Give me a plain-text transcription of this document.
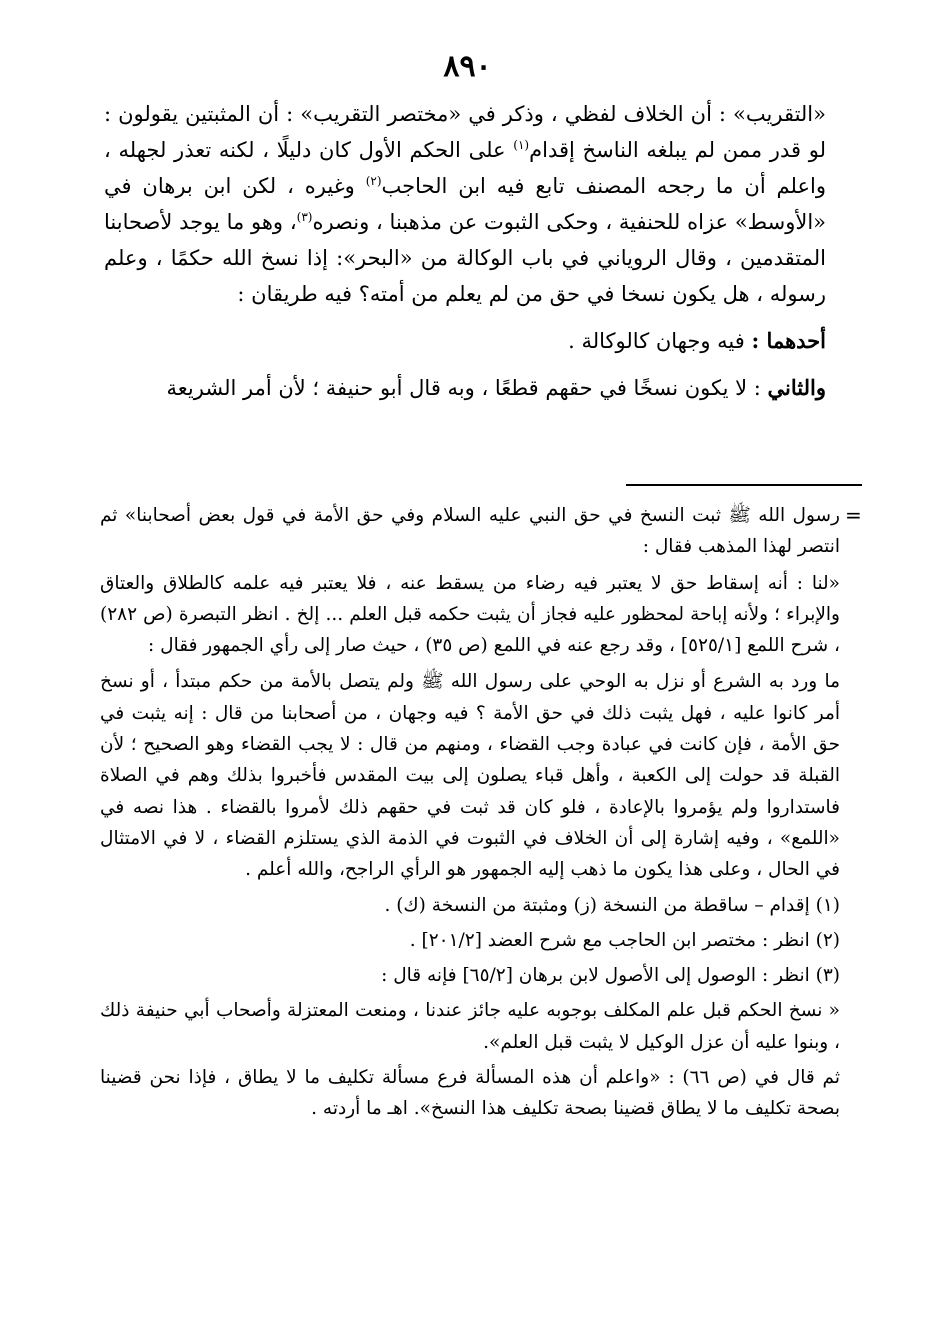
٨٩٠

«التقريب» : أن الخلاف لفظي ، وذكر في «مختصر التقريب» : أن المثبتين يقولون : لو قدر ممن لم يبلغه الناسخ إقدام$^{(١)}$ على الحكم الأول كان دليلًا ، لكنه تعذر لجهله ، واعلم أن ما رجحه المصنف تابع فيه ابن الحاجب$^{(٢)}$ وغيره ، لكن ابن برهان في «الأوسط» عزاه للحنفية ، وحكى الثبوت عن مذهبنا ، ونصره$^{(٣)}$، وهو ما يوجد لأصحابنا المتقدمين ، وقال الروياني في باب الوكالة من «البحر»: إذا نسخ الله حكمًا ، وعلم رسوله ، هل يكون نسخا في حق من لم يعلم من أمته؟ فيه طريقان :

أحدهما : فيه وجهان كالوكالة .

والثاني : لا يكون نسخًا في حقهم قطعًا ، وبه قال أبو حنيفة ؛ لأن أمر الشريعة

=

رسول الله ﷺ ثبت النسخ في حق النبي عليه السلام وفي حق الأمة في قول بعض أصحابنا» ثم انتصر لهذا المذهب فقال :

«لنا : أنه إسقاط حق لا يعتبر فيه رضاء من يسقط عنه ، فلا يعتبر فيه علمه كالطلاق والعتاق والإبراء ؛ ولأنه إباحة لمحظور عليه فجاز أن يثبت حكمه قبل العلم ... إلخ . انظر التبصرة (ص ٢٨٢) ، شرح اللمع [٥٢٥/١] ، وقد رجع عنه في اللمع (ص ٣٥) ، حيث صار إلى رأي الجمهور فقال :

ما ورد به الشرع أو نزل به الوحي على رسول الله ﷺ ولم يتصل بالأمة من حكم مبتدأ ، أو نسخ أمر كانوا عليه ، فهل يثبت ذلك في حق الأمة ؟ فيه وجهان ، من أصحابنا من قال : إنه يثبت في حق الأمة ، فإن كانت في عبادة وجب القضاء ، ومنهم من قال : لا يجب القضاء وهو الصحيح ؛ لأن القبلة قد حولت إلى الكعبة ، وأهل قباء يصلون إلى بيت المقدس فأخبروا بذلك وهم في الصلاة فاستداروا ولم يؤمروا بالإعادة ، فلو كان قد ثبت في حقهم ذلك لأمروا بالقضاء . هذا نصه في «اللمع» ، وفيه إشارة إلى أن الخلاف في الثبوت في الذمة الذي يستلزم القضاء ، لا في الامتثال في الحال ، وعلى هذا يكون ما ذهب إليه الجمهور هو الرأي الراجح، والله أعلم .

(١) إقدام – ساقطة من النسخة (ز) ومثبتة من النسخة (ك) .

(٢) انظر : مختصر ابن الحاجب مع شرح العضد [٢٠١/٢] .

(٣) انظر : الوصول إلى الأصول لابن برهان [٦٥/٢] فإنه قال :

« نسخ الحكم قبل علم المكلف بوجوبه عليه جائز عندنا ، ومنعت المعتزلة وأصحاب أبي حنيفة ذلك ، وبنوا عليه أن عزل الوكيل لا يثبت قبل العلم».

ثم قال في (ص ٦٦) : «واعلم أن هذه المسألة فرع مسألة تكليف ما لا يطاق ، فإذا نحن قضينا بصحة تكليف ما لا يطاق قضينا بصحة تكليف هذا النسخ». اهـ ما أردته .
